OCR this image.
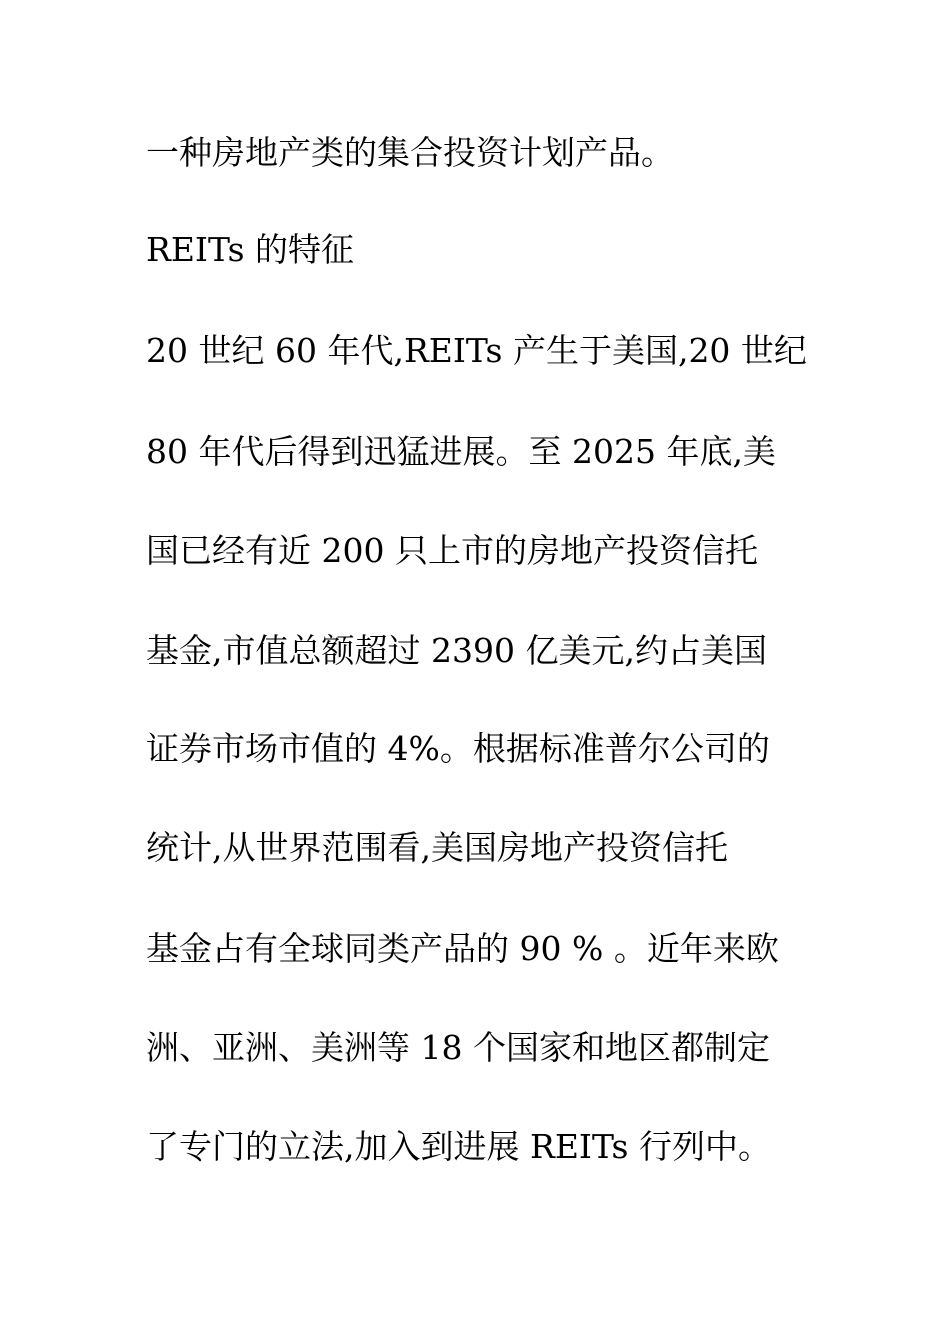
一种房地产类的集合投资计划产品。

REITs 的特征

20 世纪 60 年代,REITs 产生于美国,20 世纪

80 年代后得到迅猛进展。至 2025 年底,美

国已经有近 200 只上市的房地产投资信托

基金,市值总额超过 2390 亿美元,约占美国

证券市场市值的 4%。根据标准普尔公司的

统计,从世界范围看,美国房地产投资信托

基金占有全球同类产品的 90 % 。近年来欧

洲、亚洲、美洲等 18 个国家和地区都制定

了专门的立法,加入到进展 REITs 行列中。
